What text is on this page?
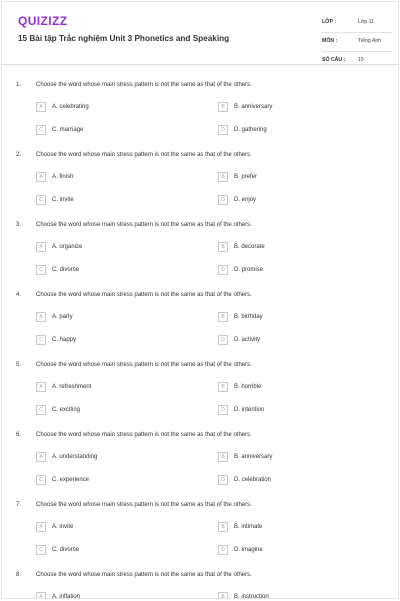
QUIZIZZ
15 Bài tập Trắc nghiệm Unit 3 Phonetics and Speaking
LỚP :	Lớp 11
MÔN :	Tiếng Anh
SỐ CÂU : 15
1. Choose the word whose main stress pattern is not the same as that of the others.
A	A. celebrating	B	B. anniversary
C	C. marriage	D	D. gathering
2. Choose the word whose main stress pattern is not the same as that of the others.
A	A. finish	B	B. prefer
C	C. invite	D	D. enjoy
3. Choose the word whose main stress pattern is not the same as that of the others.
A	A. organize	B	B. decorate
C	C. divorce	D	D. promise
4. Choose the word whose main stress pattern is not the same as that of the others.
A	A. party	B	B. birthday
C	C. happy	D	D. activity
5. Choose the word whose main stress pattern is not the same as that of the others.
A	A. refreshment	B	B. horrible
C	C. exciting	D	D. intention
6. Choose the word whose main stress pattern is not the same as that of the others.
A	A. understanding	B	B. anniversary
C	C. experience	D	D. celebration
7. Choose the word whose main stress pattern is not the same as that of the others.
A	A. invite	B	B. intimate
C	C. divorce	D	D. imagine
8. Choose the word whose main stress pattern is not the same as that of the others.
A	A. inflation	B	B. instruction
